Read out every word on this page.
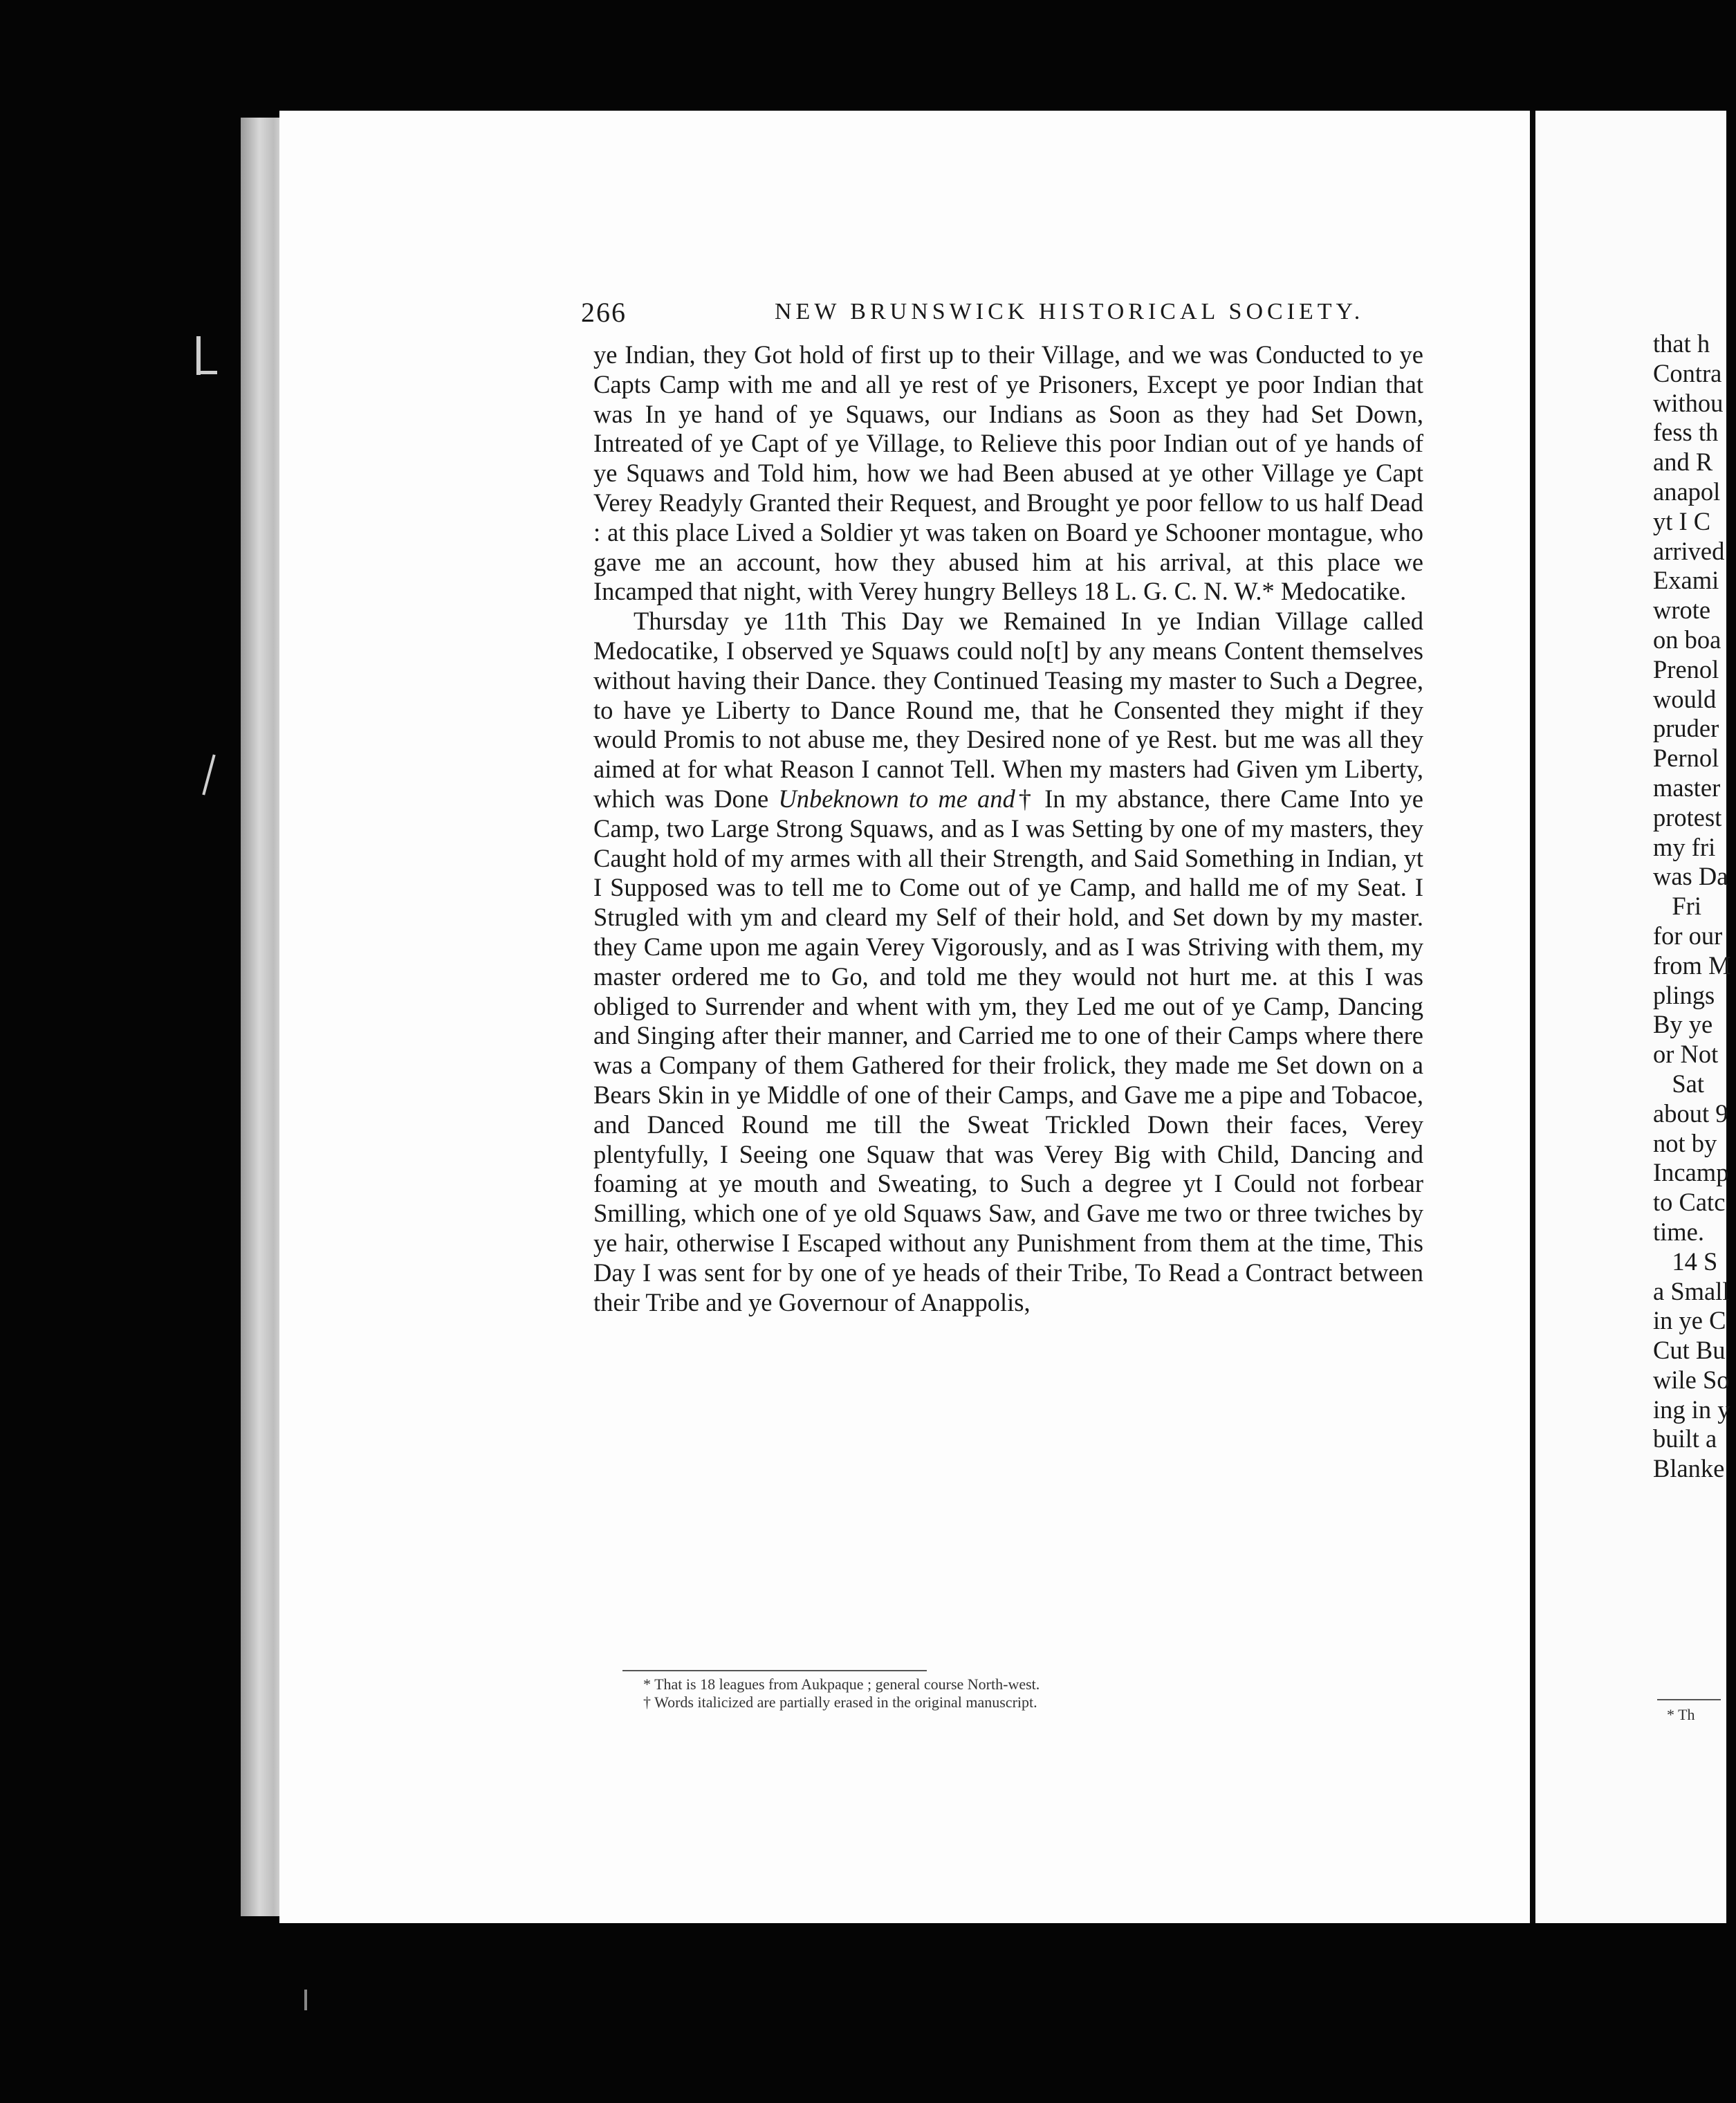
266	NEW BRUNSWICK HISTORICAL SOCIETY.

ye Indian, they Got hold of first up to their Village, and we was Conducted to ye Capts Camp with me and all ye rest of ye Prisoners, Except ye poor Indian that was In ye hand of ye Squaws, our Indians as Soon as they had Set Down, Intreated of ye Capt of ye Village, to Relieve this poor Indian out of ye hands of ye Squaws and Told him, how we had Been abused at ye other Village ye Capt Verey Readyly Granted their Request, and Brought ye poor fellow to us half Dead : at this place Lived a Soldier yt was taken on Board ye Schooner montague, who gave me an account, how they abused him at his arrival, at this place we Incamped that night, with Verey hungry Belleys 18 L. G. C. N. W.* Medocatike.

Thursday ye 11th This Day we Remained In ye Indian Village called Medocatike, I observed ye Squaws could no[t] by any means Content themselves without having their Dance. they Continued Teasing my master to Such a Degree, to have ye Liberty to Dance Round me, that he Consented they might if they would Promis to not abuse me, they Desired none of ye Rest. but me was all they aimed at for what Reason I cannot Tell. When my masters had Given ym Liberty, which was Done Unbeknown to me and† In my abstance, there Came Into ye Camp, two Large Strong Squaws, and as I was Setting by one of my masters, they Caught hold of my armes with all their Strength, and Said Something in Indian, yt I Supposed was to tell me to Come out of ye Camp, and halld me of my Seat. I Strugled with ym and cleard my Self of their hold, and Set down by my master. they Came upon me again Verey Vigorously, and as I was Striving with them, my master ordered me to Go, and told me they would not hurt me. at this I was obliged to Surrender and whent with ym, they Led me out of ye Camp, Dancing and Singing after their manner, and Carried me to one of their Camps where there was a Company of them Gathered for their frolick, they made me Set down on a Bears Skin in ye Middle of one of their Camps, and Gave me a pipe and Tobacoe, and Danced Round me till the Sweat Trickled Down their faces, Verey plentyfully, I Seeing one Squaw that was Verey Big with Child, Dancing and foaming at ye mouth and Sweating, to Such a degree yt I Could not forbear Smilling, which one of ye old Squaws Saw, and Gave me two or three twiches by ye hair, otherwise I Escaped without any Punishment from them at the time, This Day I was sent for by one of ye heads of their Tribe, To Read a Contract between their Tribe and ye Governour of Anappolis,

* That is 18 leagues from Aukpaque ; general course North-west.
† Words italicized are partially erased in the original manuscript.
that h
Contra
withou
fess th
and R
anapol
yt I C
arrived
Exami
wrote
on boa
Prenol
would
pruder
Pernol
master
protest
my fri
was Da
Fri
for our
from M
plings
By ye
or Not
Sat
about 9
not by
Incamp
to Catc
time.
14 S
a Small
in ye C
Cut Bu
wile So
ing in y
built a
Blanke
* Th
